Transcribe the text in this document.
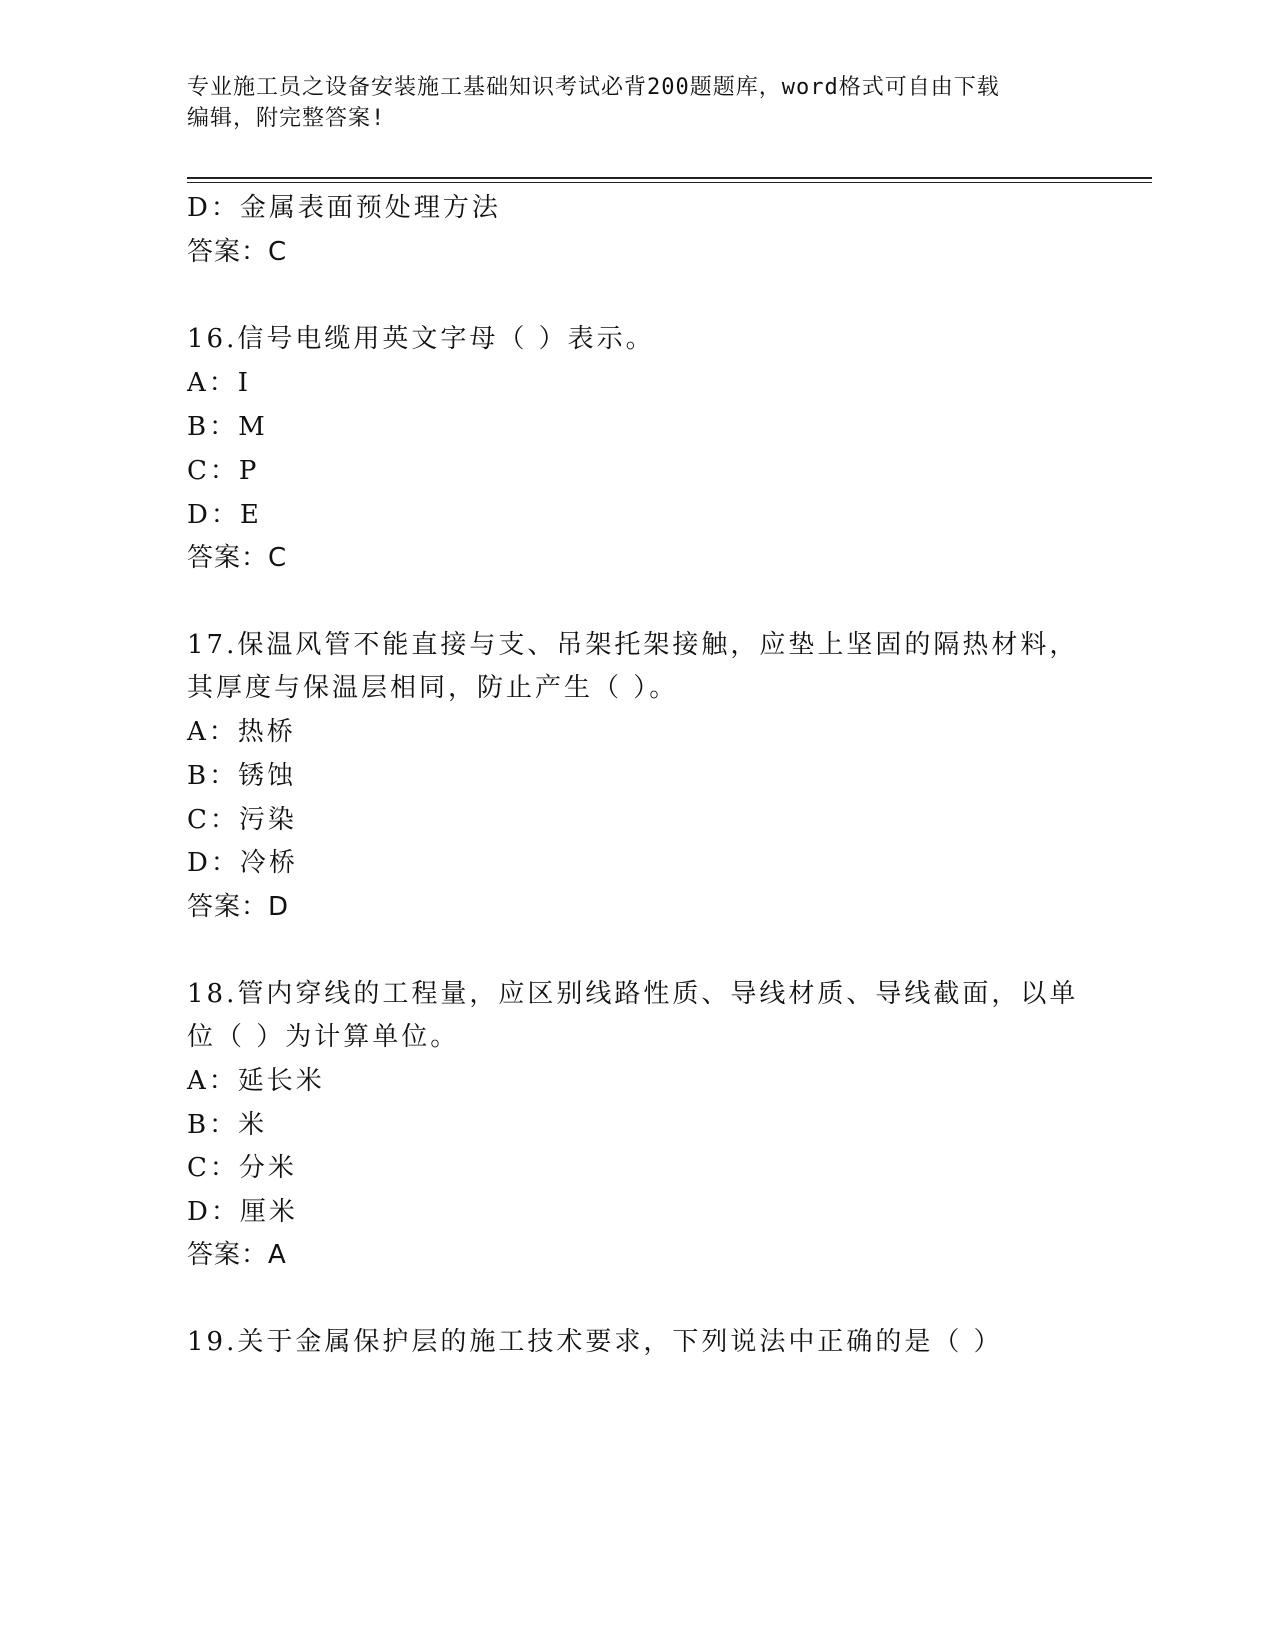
专业施工员之设备安装施工基础知识考试必背200题题库，word格式可自由下载
编辑，附完整答案!
D：金属表面预处理方法
答案：C
16.信号电缆用英文字母（ ）表示。
A：I
B：M
C：P
D：E
答案：C
17.保温风管不能直接与支、吊架托架接触，应垫上坚固的隔热材料，
其厚度与保温层相同，防止产生（ ）。
A：热桥
B：锈蚀
C：污染
D：冷桥
答案：D
18.管内穿线的工程量，应区别线路性质、导线材质、导线截面，以单
位（ ）为计算单位。
A：延长米
B：米
C：分米
D：厘米
答案：A
19.关于金属保护层的施工技术要求，下列说法中正确的是（ ）
